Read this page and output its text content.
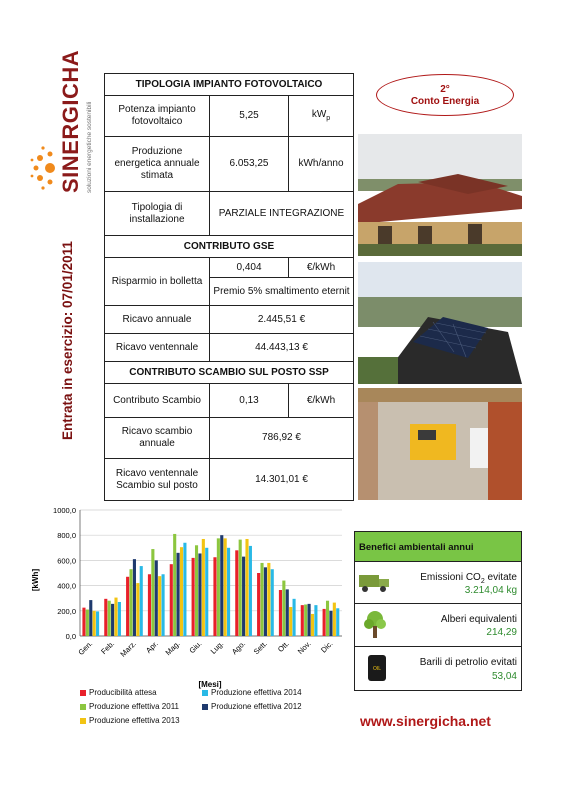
SINERGICHA soluzioni energetiche sostenibili
Entrata in esercizio: 07/01/2011
TIPOLOGIA IMPIANTO FOTOVOLTAICO		
Potenza impianto fotovoltaico	5,25	$kW_p$
Produzione energetica annuale stimata	6.053,25	kWh/anno
Tipologia di installazione	PARZIALE INTEGRAZIONE	
CONTRIBUTO GSE		
Risparmio in bolletta	0,404	€/kWh
	Premio 5% smaltimento eternit	
Ricavo annuale	2.445,51 €	
Ricavo ventennale	44.443,13 €	
CONTRIBUTO SCAMBIO SUL POSTO SSP		
Contributo Scambio	0,13	€/kWh
Ricavo scambio annuale	786,92 €	
Ricavo ventennale Scambio sul posto	14.301,01 €	
2°
Conto Energia
0,0
200,0
400,0
600,0
800,0
1000,0
Gen. Feb. Marz. Apr. Mag. Giu. Lug. Ago. Sett. Ott. Nov. Dic.
[kWh]
[Mesi]
Producibilità attesa	Produzione effettiva 2014
Produzione effettiva 2011	Produzione effettiva 2012
Produzione effettiva 2013
Benefici ambientali annui
Emissioni $CO_2$ evitate
3.214,04 kg
Alberi equivalenti
214,29
OIL
Barili di petrolio evitati
53,04
www.sinergicha.net
